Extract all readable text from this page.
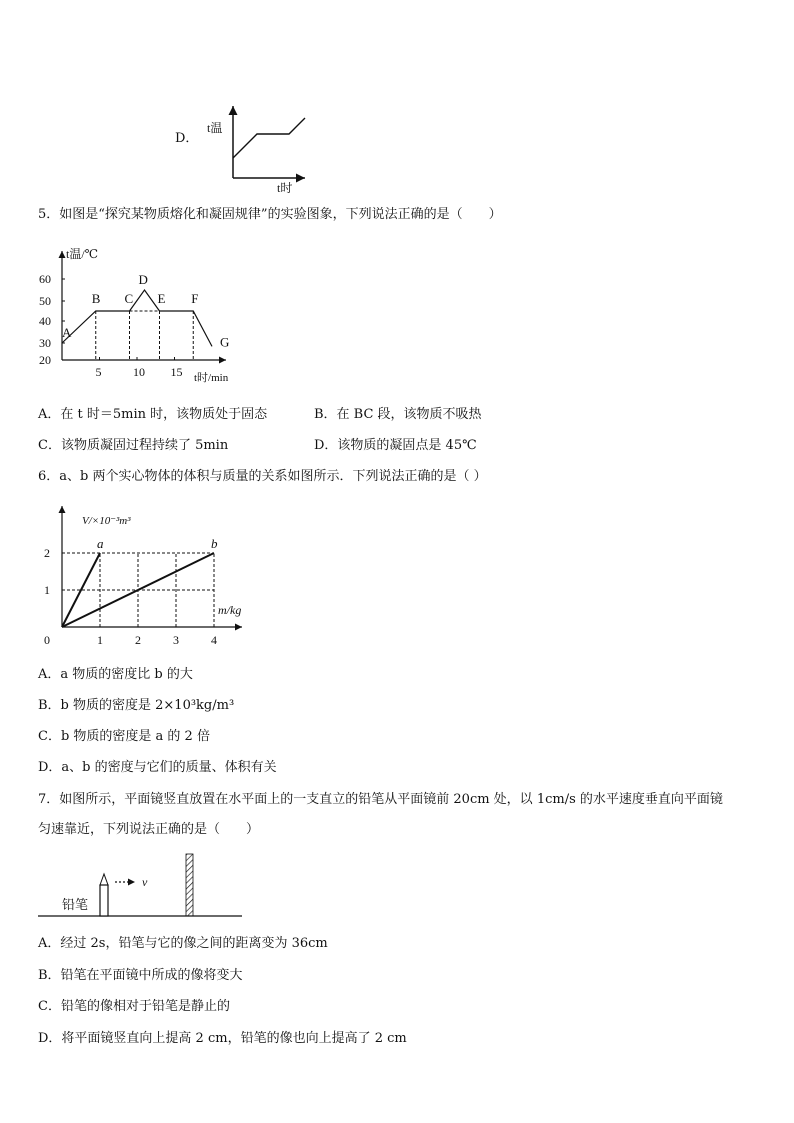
D．
t温
t时
5．如图是“探究某物质熔化和凝固规律”的实验图象，下列说法正确的是（　　）
20
30
40
50
60
5	10 15
A
B C
D
E F
G
t温/℃
t时/min
A．在 t 时＝5min 时，该物质处于固态	B．在 BC 段，该物质不吸热
C．该物质凝固过程持续了 5min	D．该物质的凝固点是 45℃
6．a、b 两个实心物体的体积与质量的关系如图所示．下列说法正确的是（ ）
a	b
1
2
1	2	3	4
0
V/×10⁻³m³
m/kg
A．a 物质的密度比 b 的大
B．b 物质的密度是 2×10³kg/m³
C．b 物质的密度是 a 的 2 倍
D．a、b 的密度与它们的质量、体积有关
7．如图所示，平面镜竖直放置在水平面上的一支直立的铅笔从平面镜前 20cm 处，以 1cm/s 的水平速度垂直向平面镜
匀速靠近，下列说法正确的是（　　）
v
铅笔
A．经过 2s，铅笔与它的像之间的距离变为 36cm
B．铅笔在平面镜中所成的像将变大
C．铅笔的像相对于铅笔是静止的
D．将平面镜竖直向上提高 2 cm，铅笔的像也向上提高了 2 cm
